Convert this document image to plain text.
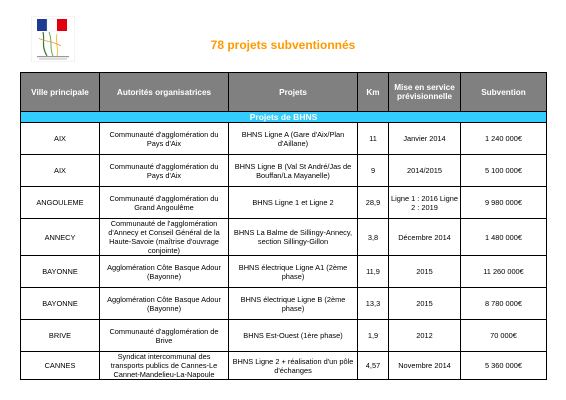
78 projets subventionnés
Ville principale	Autorités organisatrices	Projets	Km	Mise en service prévisionnelle	Subvention
Projets de BHNS					
AIX	Communauté d'agglomération du Pays d'Aix	BHNS Ligne A (Gare d'Aix/Plan d'Aillane)	11	Janvier 2014	1 240 000€
AIX	Communauté d'agglomération du Pays d'Aix	BHNS Ligne B (Val St André/Jas de Bouffan/La Mayanelle)	9	2014/2015	5 100 000€
ANGOULEME	Communauté d'agglomération du Grand Angoulême	BHNS Ligne 1 et Ligne 2	28,9	Ligne 1 : 2016 Ligne 2 : 2019	9 980 000€
ANNECY	Communauté de l'agglomération d'Annecy et Conseil Général de la Haute-Savoie (maîtrise d'ouvrage conjointe)	BHNS La Balme de Sillingy-Annecy, section Sillingy-Gillon	3,8	Décembre 2014	1 480 000€
BAYONNE	Agglomération Côte Basque Adour (Bayonne)	BHNS électrique Ligne A1 (2ème phase)	11,9	2015	11 260 000€
BAYONNE	Agglomération Côte Basque Adour (Bayonne)	BHNS électrique Ligne B (2ème phase)	13,3	2015	8 780 000€
BRIVE	Communauté d'agglomération de Brive	BHNS Est-Ouest (1ère phase)	1,9	2012	70 000€
CANNES	Syndicat intercommunal des transports publics de Cannes-Le Cannet-Mandelieu-La-Napoule	BHNS Ligne 2 + réalisation d'un pôle d'échanges	4,57	Novembre 2014	5 360 000€
